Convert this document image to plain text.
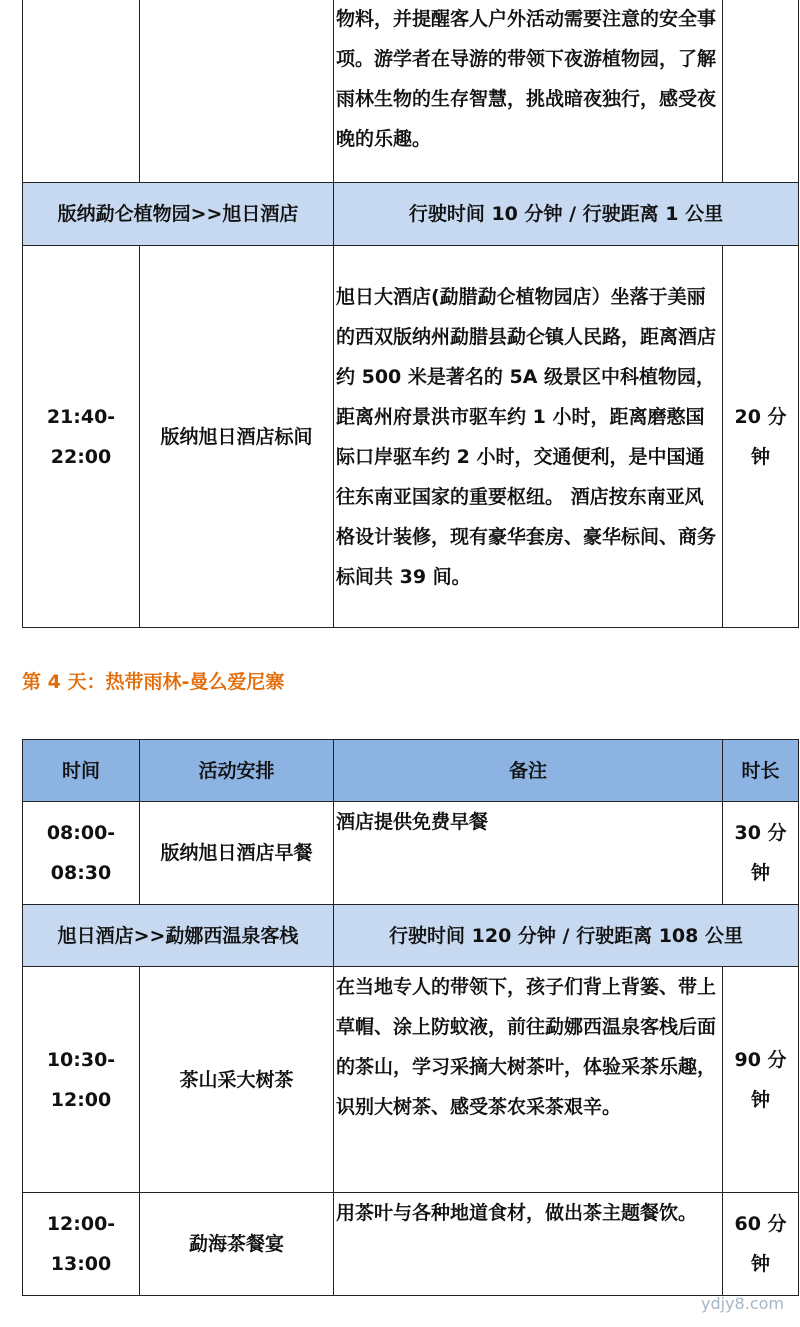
		物料，并提醒客人户外活动需要注意的安全事项。游学者在导游的带领下夜游植物园，了解雨林生物的生存智慧，挑战暗夜独行，感受夜晚的乐趣。	
版纳勐仑植物园>>旭日酒店		行驶时间 10 分钟 / 行驶距离 1 公里	
21:40-
22:00	版纳旭日酒店标间	旭日大酒店(勐腊勐仑植物园店）坐落于美丽的西双版纳州勐腊县勐仑镇人民路，距离酒店约 500 米是著名的 5A 级景区中科植物园，距离州府景洪市驱车约 1 小时，距离磨憨国际口岸驱车约 2 小时，交通便利，是中国通往东南亚国家的重要枢纽。 酒店按东南亚风格设计装修，现有豪华套房、豪华标间、商务标间共 39 间。	20 分
钟
第 4 天：热带雨林-曼么爱尼寨
时间	活动安排	备注	时长
08:00-
08:30	版纳旭日酒店早餐	酒店提供免费早餐	30 分
钟
旭日酒店>>勐娜西温泉客栈		行驶时间 120 分钟 / 行驶距离 108 公里	
10:30-
12:00	茶山采大树茶	在当地专人的带领下，孩子们背上背篓、带上草帽、涂上防蚊液，前往勐娜西温泉客栈后面的茶山，学习采摘大树茶叶，体验采茶乐趣，识别大树茶、感受茶农采茶艰辛。	90 分
钟
12:00-
13:00	勐海茶餐宴	用茶叶与各种地道食材，做出茶主题餐饮。	60 分
钟
ydjy8.com
